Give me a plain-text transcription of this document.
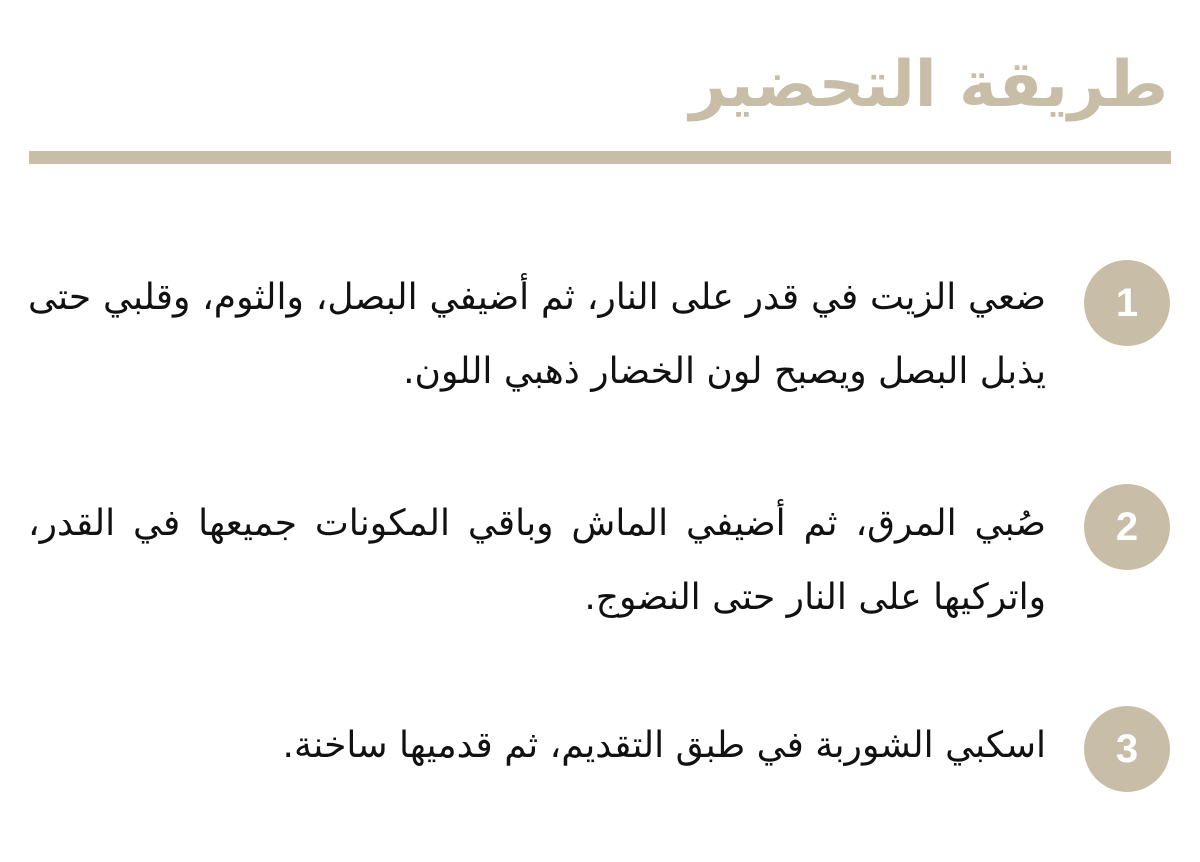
طريقة التحضير
1

ضعي الزيت في قدر على النار، ثم أضيفي البصل، والثوم، وقلبي حتى يذبل البصل ويصبح لون الخضار ذهبي اللون.

2

صُبي المرق، ثم أضيفي الماش وباقي المكونات جميعها في القدر، واتركيها على النار حتى النضوج.

3

اسكبي الشوربة في طبق التقديم، ثم قدميها ساخنة.
